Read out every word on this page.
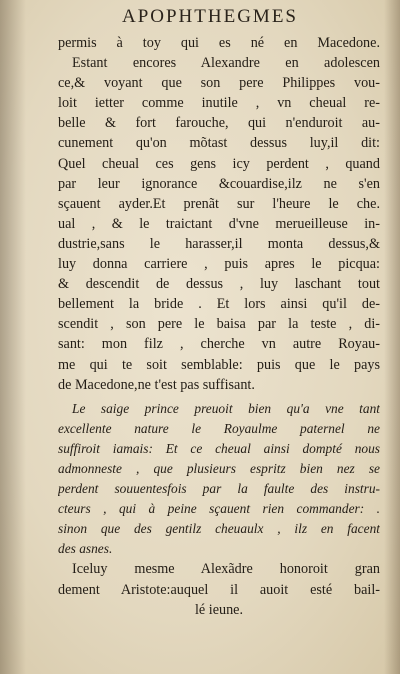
APOPHTHEGMES
permis à toy qui es né en Macedone.
Estant encores Alexandre en adolescen
ce,& voyant que son pere Philippes vou-
loit ietter comme inutile , vn cheual re-
belle & fort farouche, qui n'enduroit au-
cunement qu'on mõtast dessus luy,il dit:
Quel cheual ces gens icy perdent , quand
par leur ignorance &couardise,ilz ne s'en
sçauent ayder.Et prenãt sur l'heure le che.
ual , & le traictant d'vne merueilleuse in-
dustrie,sans le harasser,il monta dessus,&
luy donna carriere , puis apres le picqua:
& descendit de dessus , luy laschant tout
bellement la bride . Et lors ainsi qu'il de-
scendit , son pere le baisa par la teste , di-
sant: mon filz , cherche vn autre Royau-
me qui te soit semblable: puis que le pays
de Macedone,ne t'est pas suffisant.
Le saige prince preuoit bien qu'a vne tant
excellente nature le Royaulme paternel ne
suffiroit iamais: Et ce cheual ainsi dompté nous
admonneste , que plusieurs espritz bien nez se
perdent souuentesfois par la faulte des instru-
cteurs , qui à peine sçauent rien commander: .
sinon que des gentilz cheuaulx , ilz en facent
des asnes.
Iceluy mesme Alexãdre honoroit gran
dement Aristote:auquel il auoit esté bail-
lé ieune.
